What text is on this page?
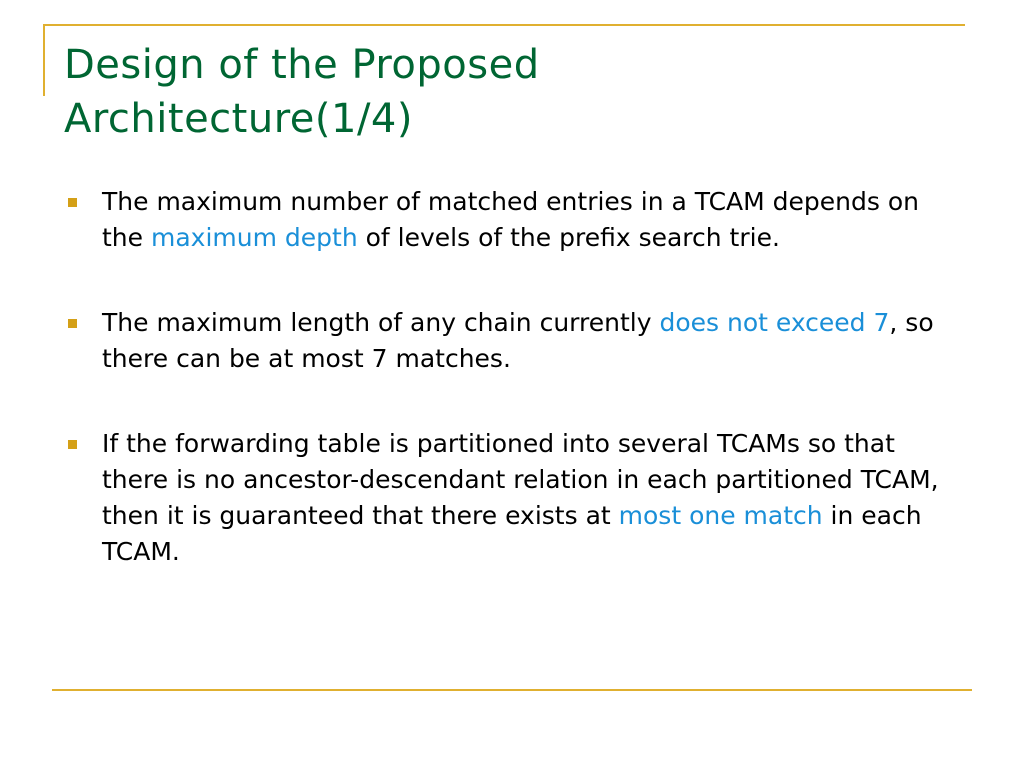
Design of the Proposed
Architecture(1/4)
The maximum number of matched entries in a TCAM depends on the maximum depth of levels of the prefix search trie.
The maximum length of any chain currently does not exceed 7, so there can be at most 7 matches.
If the forwarding table is partitioned into several TCAMs so that there is no ancestor-descendant relation in each partitioned TCAM, then it is guaranteed that there exists at most one match in each TCAM.
